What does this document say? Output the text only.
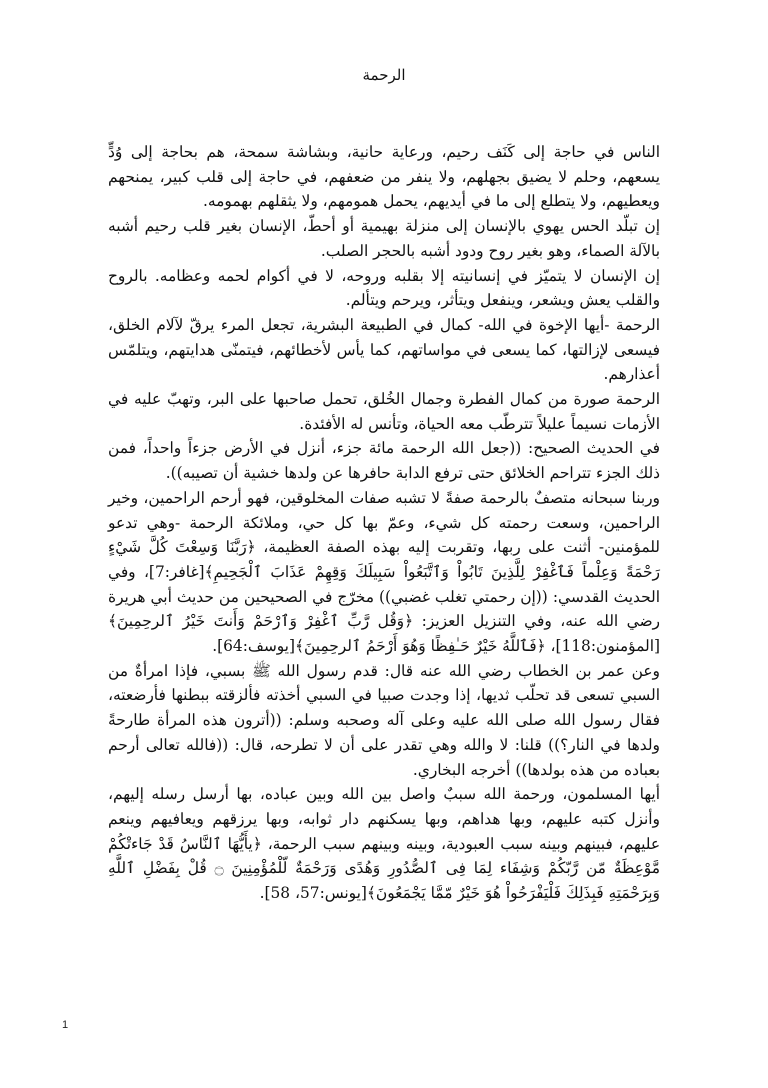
الرحمة

الناس في حاجة إلى كَنَف رحيم، ورعاية حانية، وبشاشة سمحة، هم بحاجة إلى وُدٍّ يسعهم، وحلم لا يضيق بجهلهم، ولا ينفر من ضعفهم، في حاجة إلى قلب كبير، يمنحهم ويعطيهم، ولا يتطلع إلى ما في أيديهم، يحمل همومهم، ولا يثقلهم بهمومه.

إن تبلّد الحس يهوي بالإنسان إلى منزلة بهيمية أو أحطّ، الإنسان بغير قلب رحيم أشبه بالآلة الصماء، وهو بغير روح ودود أشبه بالحجر الصلب.

إن الإنسان لا يتميّز في إنسانيته إلا بقلبه وروحه، لا في أكوام لحمه وعظامه. بالروح والقلب يعش ويشعر، وينفعل ويتأثر، ويرحم ويتألم.

الرحمة -أيها الإخوة في الله- كمال في الطبيعة البشرية، تجعل المرء يرقّ لآلام الخلق، فيسعى لإزالتها، كما يسعى في مواساتهم، كما يأس لأخطائهم، فيتمنّى هدايتهم، ويتلمّس أعذارهم.

الرحمة صورة من كمال الفطرة وجمال الخُلق، تحمل صاحبها على البر، وتهبّ عليه في الأزمات نسيماً عليلاً تترطّب معه الحياة، وتأنس له الأفئدة.

في الحديث الصحيح: ((جعل الله الرحمة مائة جزء، أنزل في الأرض جزءاً واحداً، فمن ذلك الجزء تتراحم الخلائق حتى ترفع الدابة حافرها عن ولدها خشية أن تصيبه)).

وربنا سبحانه متصفٌ بالرحمة صفةً لا تشبه صفات المخلوقين، فهو أرحم الراحمين، وخير الراحمين، وسعت رحمته كل شيء، وعمّ بها كل حي، وملائكة الرحمة -وهي تدعو للمؤمنين- أثنت على ربها، وتقربت إليه بهذه الصفة العظيمة، ﴿رَبَّنَا وَسِعْتَ كُلَّ شَيْءٍ رَحْمَةً وَعِلْماً فَٱغْفِرْ لِلَّذِينَ تَابُواْ وَٱتَّبَعُواْ سَبِيلَكَ وَقِهِمْ عَذَابَ ٱلْجَحِيمِ﴾[غافر:7]، وفي الحديث القدسي: ((إن رحمتي تغلب غضبي)) مخرّج في الصحيحين من حديث أبي هريرة رضي الله عنه، وفي التنزيل العزيز: ﴿وَقُل رَّبِّ ٱغْفِرْ وَٱرْحَمْ وَأَنتَ خَيْرُ ٱلرحِمِينَ﴾[المؤمنون:118]، ﴿فَٱللَّهُ خَيْرٌ حَـٰفِظًا وَهُوَ أَرْحَمُ ٱلرحِمِينَ﴾[يوسف:64].

وعن عمر بن الخطاب رضي الله عنه قال: قدم رسول الله ﷺ بسبي، فإذا امرأةٌ من السبي تسعى قد تحلّب ثديها، إذا وجدت صبيا في السبي أخذته فألزقته ببطنها فأرضعته، فقال رسول الله صلى الله عليه وعلى آله وصحبه وسلم: ((أترون هذه المرأة طارحةً ولدها في النار؟)) قلنا: لا والله وهي تقدر على أن لا تطرحه، قال: ((فالله تعالى أرحم بعباده من هذه بولدها)) أخرجه البخاري.

أيها المسلمون، ورحمة الله سببٌ واصل بين الله وبين عباده، بها أرسل رسله إليهم، وأنزل كتبه عليهم، وبها هداهم، وبها يسكنهم دار ثوابه، وبها يرزقهم ويعافيهم وينعم عليهم، فبينهم وبينه سبب العبودية، وبينه وبينهم سبب الرحمة، ﴿يأَيُّهَا ٱلنَّاسُ قَدْ جَاءتْكُمْ مَّوْعِظَةٌ مّن رَّبّكُمْ وَشِفَاء لِمَا فِى ٱلصُّدُورِ وَهُدًى وَرَحْمَةٌ لّلْمُؤْمِنِينَ ۝ قُلْ بِفَضْلِ ٱللَّهِ وَبِرَحْمَتِهِ فَبِذَلِكَ فَلْيَفْرَحُواْ هُوَ خَيْرٌ مّمَّا يَجْمَعُونَ﴾[يونس:57، 58].

1
